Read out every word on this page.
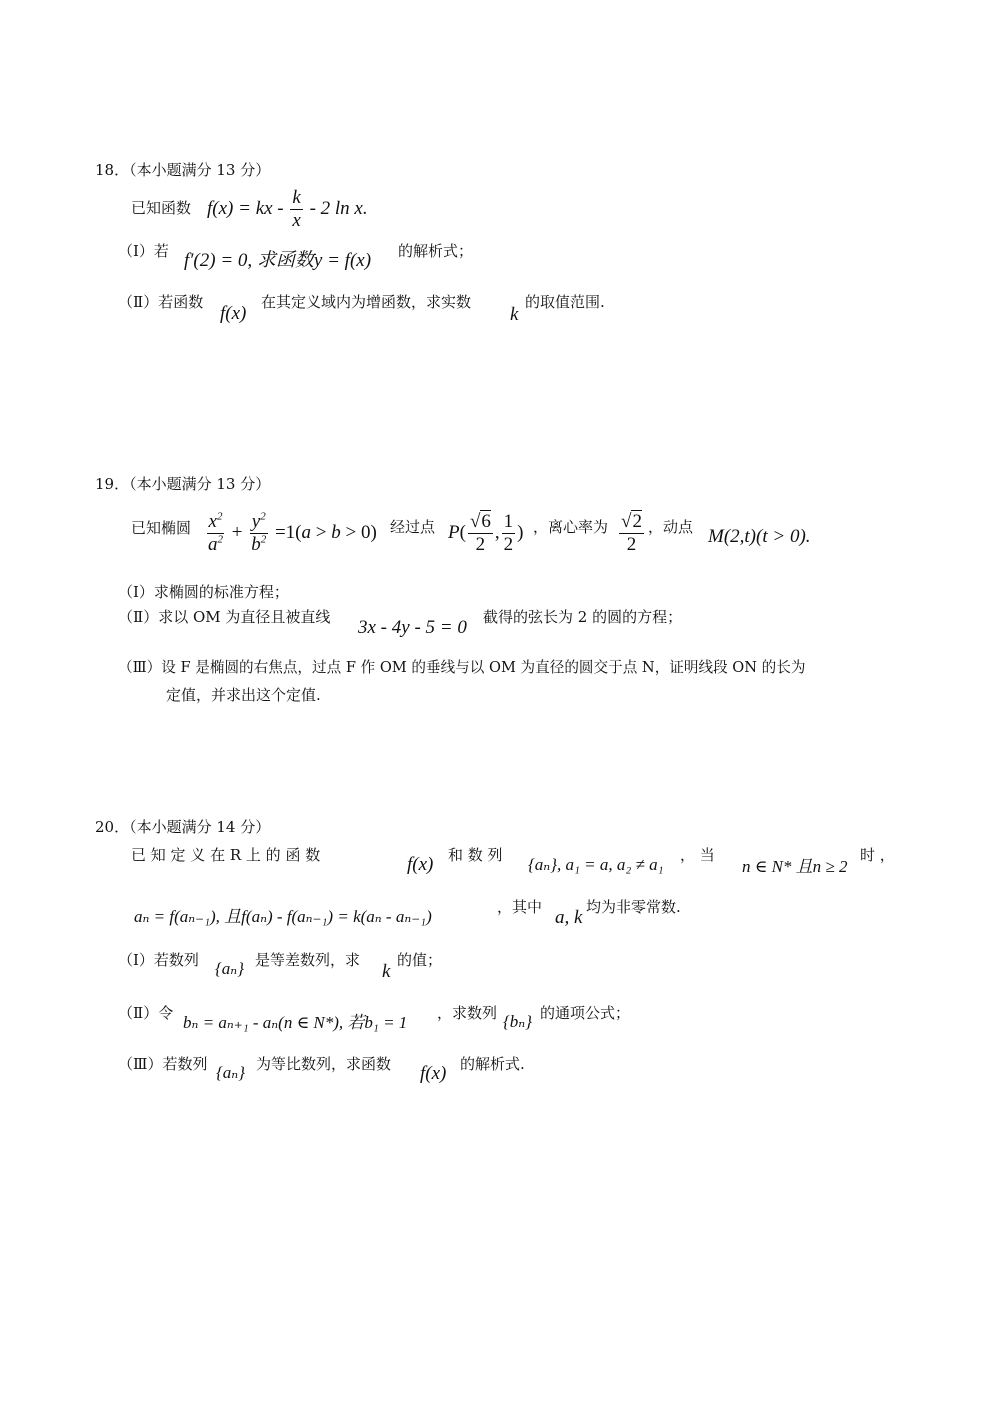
18．（本小题满分 13 分）
已知函数 f(x) = kx - $\frac{k}{x} - 2$ ln x.
（Ⅰ）若 f′(2) = 0, 求函数y = f(x) 的解析式；
（Ⅱ）若函数
f(x)
在其定义域内为增函数，求实数
k
的取值范围.
19．（本小题满分 13 分）
已知椭圆 $\frac{x^2}{a^2} + \frac{y^2}{b^2} =1(a > b > 0)$ 经过点 $P( \frac{√6}{2}$ , $\frac{1}{2}$ ) ，离心率为 $\frac{√2}{2}$ ，动点 M(2,t)(t > 0).
（Ⅰ）求椭圆的标准方程；
（Ⅱ）求以 OM 为直径且被直线 3x - 4y - 5 = 0 截得的弦长为 2 的圆的方程；
（Ⅲ）设 F 是椭圆的右焦点，过点 F 作 OM 的垂线与以 OM 为直径的圆交于点 N，证明线段 ON 的长为
定值，并求出这个定值.
20．（本小题满分 14 分）
已 知 定 义 在 R 上 的 函 数	f(x) 和 数 列 {aₙ}, a₁ = a, a₂ ≠ a₁ ， 当
n ∈ N* 且n ≥ 2
时 ，
aₙ = f(aₙ₋₁), 且f(aₙ) - f(aₙ₋₁) = k(aₙ - aₙ₋₁)	，其中 a, k 均为非零常数.
（Ⅰ）若数列 {aₙ} 是等差数列，求
k
的值；
（Ⅱ）令 bₙ = aₙ₊₁ - aₙ(n ∈ N*), 若b₁ = 1 ，求数列 {bₙ} 的通项公式；
（Ⅲ）若数列 {aₙ} 为等比数列，求函数 f(x) 的解析式.
